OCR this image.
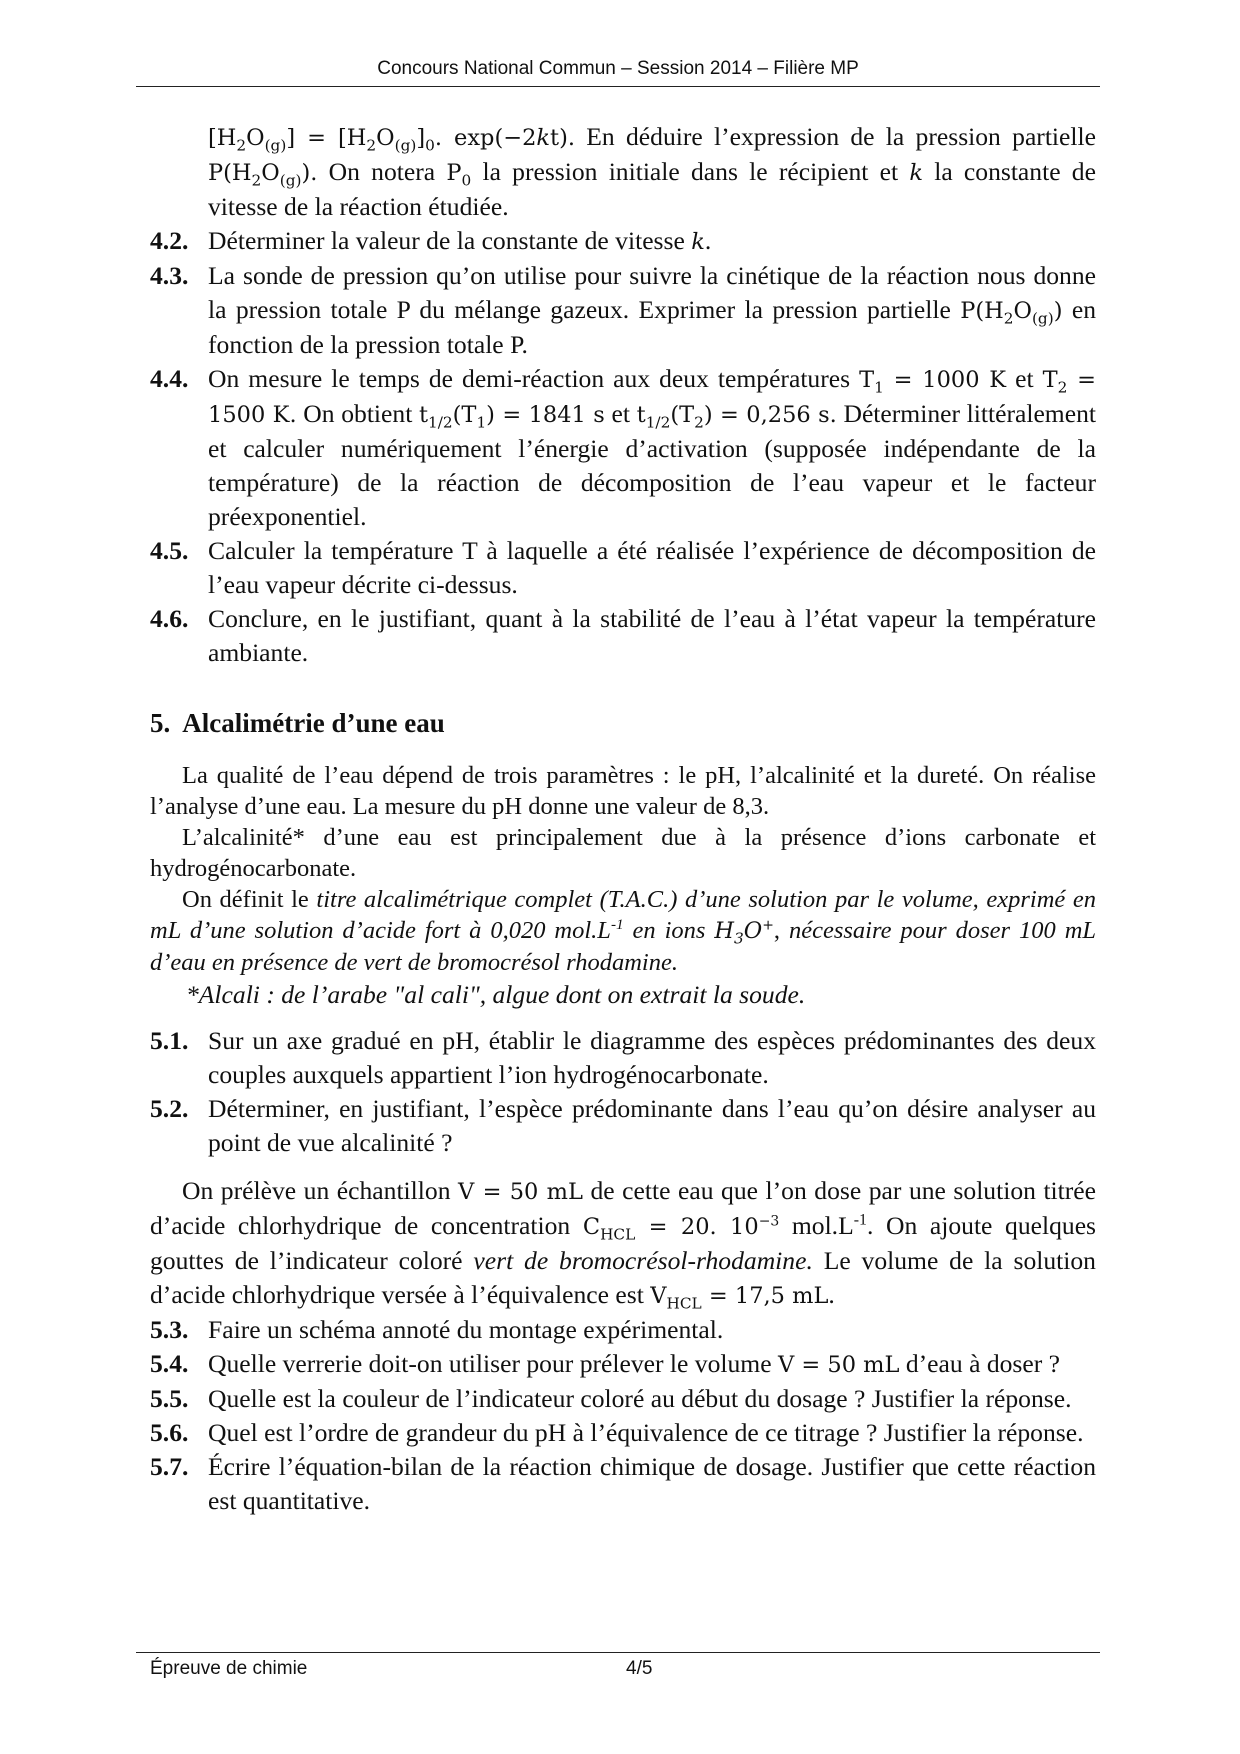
Concours National Commun – Session 2014 – Filière MP
$[H_2O_{(g)}] = [H_2O_{(g)}]_0$. exp(−2kt). En déduire l’expression de la pression partielle $P(H_2O_{(g)})$. On notera $P_0$ la pression initiale dans le récipient et k la constante de vitesse de la réaction étudiée.
4.2. Déterminer la valeur de la constante de vitesse k.
4.3. La sonde de pression qu’on utilise pour suivre la cinétique de la réaction nous donne la pression totale P du mélange gazeux. Exprimer la pression partielle $P(H_2O_{(g)})$ en fonction de la pression totale P.
4.4. On mesure le temps de demi-réaction aux deux températures $T_1 = 1000$ K et $T_2 = 1500$ K. On obtient $t_{1/2}(T_1) = 1841$ s et $t_{1/2}(T_2) = 0,256$ s. Déterminer littéralement et calculer numériquement l’énergie d’activation (supposée indépendante de la température) de la réaction de décomposition de l’eau vapeur et le facteur préexponentiel.
4.5. Calculer la température T à laquelle a été réalisée l’expérience de décomposition de l’eau vapeur décrite ci-dessus.
4.6. Conclure, en le justifiant, quant à la stabilité de l’eau à l’état vapeur la température ambiante.
5. Alcalimétrie d’une eau
La qualité de l’eau dépend de trois paramètres : le pH, l’alcalinité et la dureté. On réalise l’analyse d’une eau. La mesure du pH donne une valeur de 8,3.
L’alcalinité* d’une eau est principalement due à la présence d’ions carbonate et hydrogénocarbonate.
On définit le titre alcalimétrique complet (T.A.C.) d’une solution par le volume, exprimé en mL d’une solution d’acide fort à 0,020 $mol.L^{-1}$ en ions $H_3O^+$, nécessaire pour doser 100 mL d’eau en présence de vert de bromocrésol rhodamine.
*Alcali : de l’arabe "al cali", algue dont on extrait la soude.
5.1. Sur un axe gradué en pH, établir le diagramme des espèces prédominantes des deux couples auxquels appartient l’ion hydrogénocarbonate.
5.2. Déterminer, en justifiant, l’espèce prédominante dans l’eau qu’on désire analyser au point de vue alcalinité ?
On prélève un échantillon V = 50 mL de cette eau que l’on dose par une solution titrée d’acide chlorhydrique de concentration $C_{HCL} = 20$. $10^{-3}$ $mol.L^{-1}$. On ajoute quelques gouttes de l’indicateur coloré vert de bromocrésol-rhodamine. Le volume de la solution d’acide chlorhydrique versée à l’équivalence est $V_{HCL} = 17,5$ mL.
5.3. Faire un schéma annoté du montage expérimental.
5.4. Quelle verrerie doit-on utiliser pour prélever le volume V = 50 mL d’eau à doser ?
5.5. Quelle est la couleur de l’indicateur coloré au début du dosage ? Justifier la réponse.
5.6. Quel est l’ordre de grandeur du pH à l’équivalence de ce titrage ? Justifier la réponse.
5.7. Écrire l’équation-bilan de la réaction chimique de dosage. Justifier que cette réaction est quantitative.
Épreuve de chimie	4/5
